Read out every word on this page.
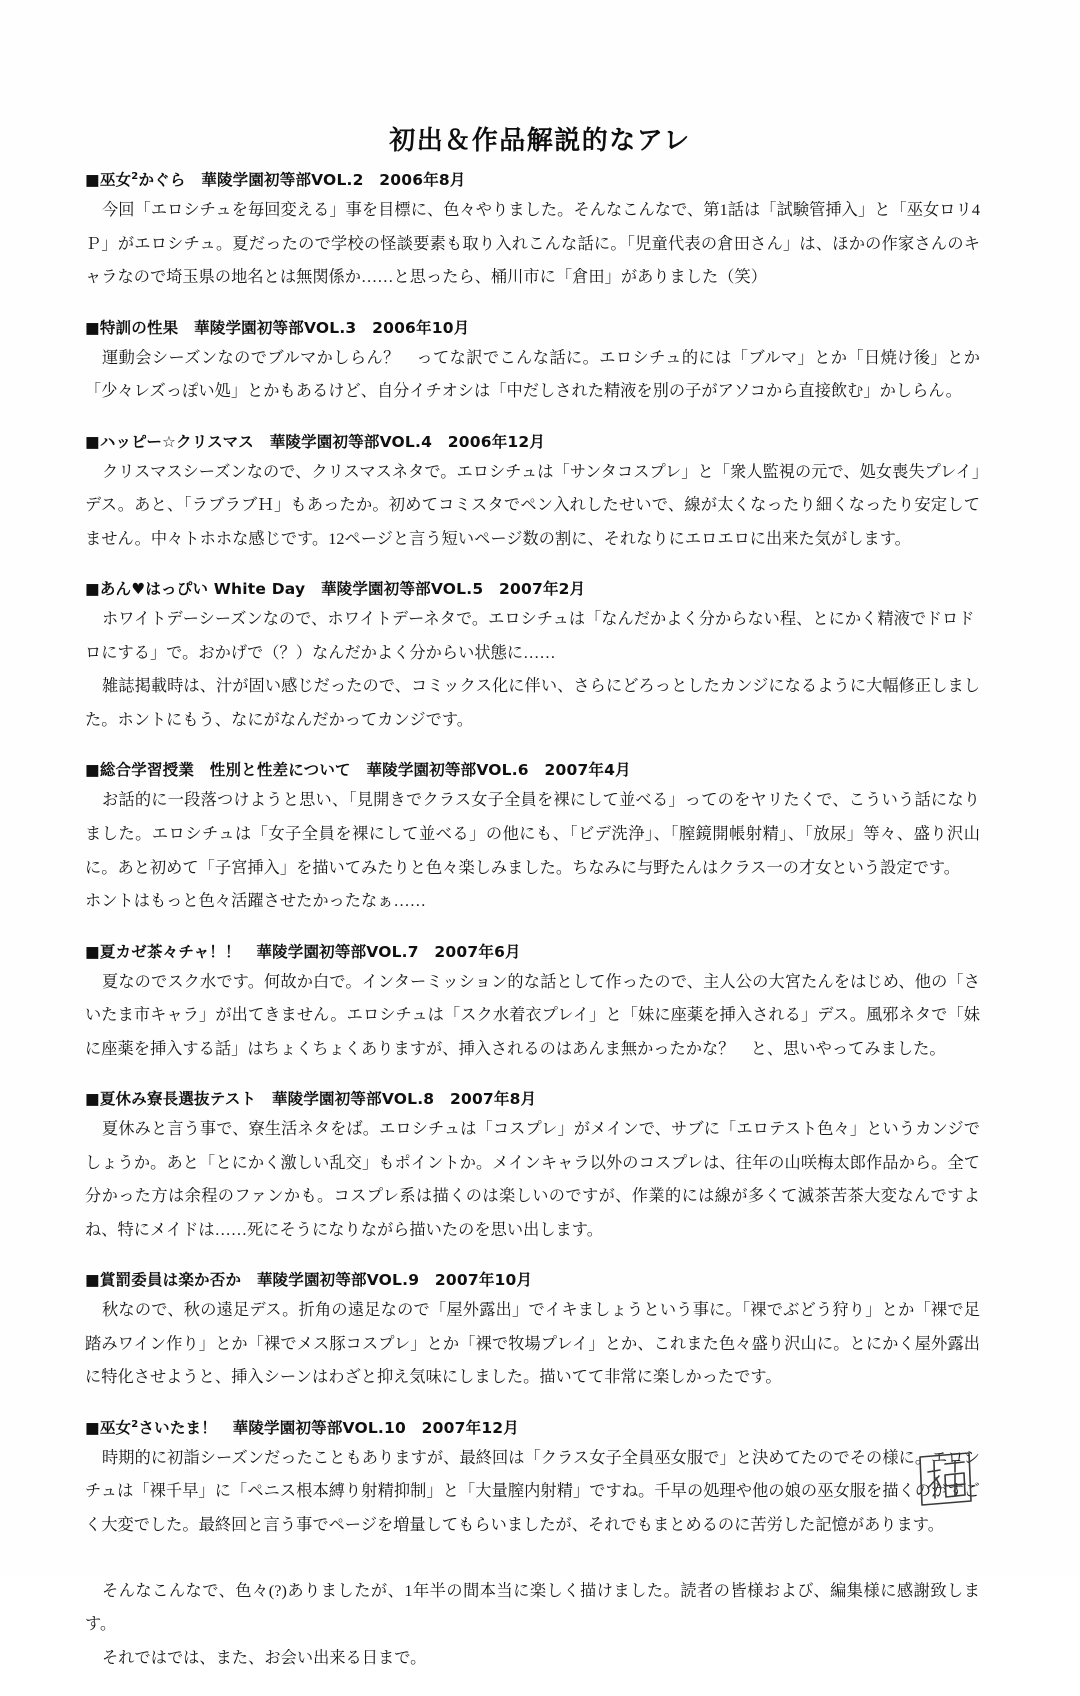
初出＆作品解説的なアレ
■巫女$^2$かぐら　華陵学園初等部VOL.2　2006年8月

今回「エロシチュを毎回変える」事を目標に、色々やりました。そんなこんなで、第1話は「試験管挿入」と「巫女ロリ4Ｐ」がエロシチュ。夏だったので学校の怪談要素も取り入れこんな話に。「児童代表の倉田さん」は、ほかの作家さんのキャラなので埼玉県の地名とは無関係か……と思ったら、桶川市に「倉田」がありました（笑）

■特訓の性果　華陵学園初等部VOL.3　2006年10月

運動会シーズンなのでブルマかしらん？　ってな訳でこんな話に。エロシチュ的には「ブルマ」とか「日焼け後」とか「少々レズっぽい処」とかもあるけど、自分イチオシは「中だしされた精液を別の子がアソコから直接飲む」かしらん。

■ハッピー☆クリスマス　華陵学園初等部VOL.4　2006年12月

クリスマスシーズンなので、クリスマスネタで。エロシチュは「サンタコスプレ」と「衆人監視の元で、処女喪失プレイ」デス。あと、「ラブラブＨ」もあったか。初めてコミスタでペン入れしたせいで、線が太くなったり細くなったり安定してません。中々トホホな感じです。12ページと言う短いページ数の割に、それなりにエロエロに出来た気がします。

■あん♥はっぴい White Day　華陵学園初等部VOL.5　2007年2月

ホワイトデーシーズンなので、ホワイトデーネタで。エロシチュは「なんだかよく分からない程、とにかく精液でドロドロにする」で。おかげで（？）なんだかよく分からい状態に……

雑誌掲載時は、汁が固い感じだったので、コミックス化に伴い、さらにどろっとしたカンジになるように大幅修正しました。ホントにもう、なにがなんだかってカンジです。

■総合学習授業　性別と性差について　華陵学園初等部VOL.6　2007年4月

お話的に一段落つけようと思い、「見開きでクラス女子全員を裸にして並べる」ってのをヤリたくで、こういう話になりました。エロシチュは「女子全員を裸にして並べる」の他にも、「ビデ洗浄」、「膣鏡開帳射精」、「放尿」等々、盛り沢山に。あと初めて「子宮挿入」を描いてみたりと色々楽しみました。ちなみに与野たんはクラス一の才女という設定です。

ホントはもっと色々活躍させたかったなぁ……

■夏カゼ茶々チャ！！　華陵学園初等部VOL.7　2007年6月

夏なのでスク水です。何故か白で。インターミッション的な話として作ったので、主人公の大宮たんをはじめ、他の「さいたま市キャラ」が出てきません。エロシチュは「スク水着衣プレイ」と「妹に座薬を挿入される」デス。風邪ネタで「妹に座薬を挿入する話」はちょくちょくありますが、挿入されるのはあんま無かったかな？　と、思いやってみました。

■夏休み寮長選抜テスト　華陵学園初等部VOL.8　2007年8月

夏休みと言う事で、寮生活ネタをば。エロシチュは「コスプレ」がメインで、サブに「エロテスト色々」というカンジでしょうか。あと「とにかく激しい乱交」もポイントか。メインキャラ以外のコスプレは、往年の山咲梅太郎作品から。全て分かった方は余程のファンかも。コスプレ系は描くのは楽しいのですが、作業的には線が多くて滅茶苦茶大変なんですよね、特にメイドは……死にそうになりながら描いたのを思い出します。

■賞罰委員は楽か否か　華陵学園初等部VOL.9　2007年10月

秋なので、秋の遠足デス。折角の遠足なので「屋外露出」でイキましょうという事に。「裸でぶどう狩り」とか「裸で足踏みワイン作り」とか「裸でメス豚コスプレ」とか「裸で牧場プレイ」とか、これまた色々盛り沢山に。とにかく屋外露出に特化させようと、挿入シーンはわざと抑え気味にしました。描いてて非常に楽しかったです。

■巫女$^2$さいたま！　華陵学園初等部VOL.10　2007年12月

時期的に初詣シーズンだったこともありますが、最終回は「クラス女子全員巫女服で」と決めてたのでその様に。エロシチュは「裸千早」に「ペニス根本縛り射精抑制」と「大量膣内射精」ですね。千早の処理や他の娘の巫女服を描くのがすごく大変でした。最終回と言う事でページを増量してもらいましたが、それでもまとめるのに苦労した記憶があります。

そんなこんなで、色々(?)ありましたが、1年半の間本当に楽しく描けました。読者の皆様および、編集様に感謝致します。

それではでは、また、お会い出来る日まで。
